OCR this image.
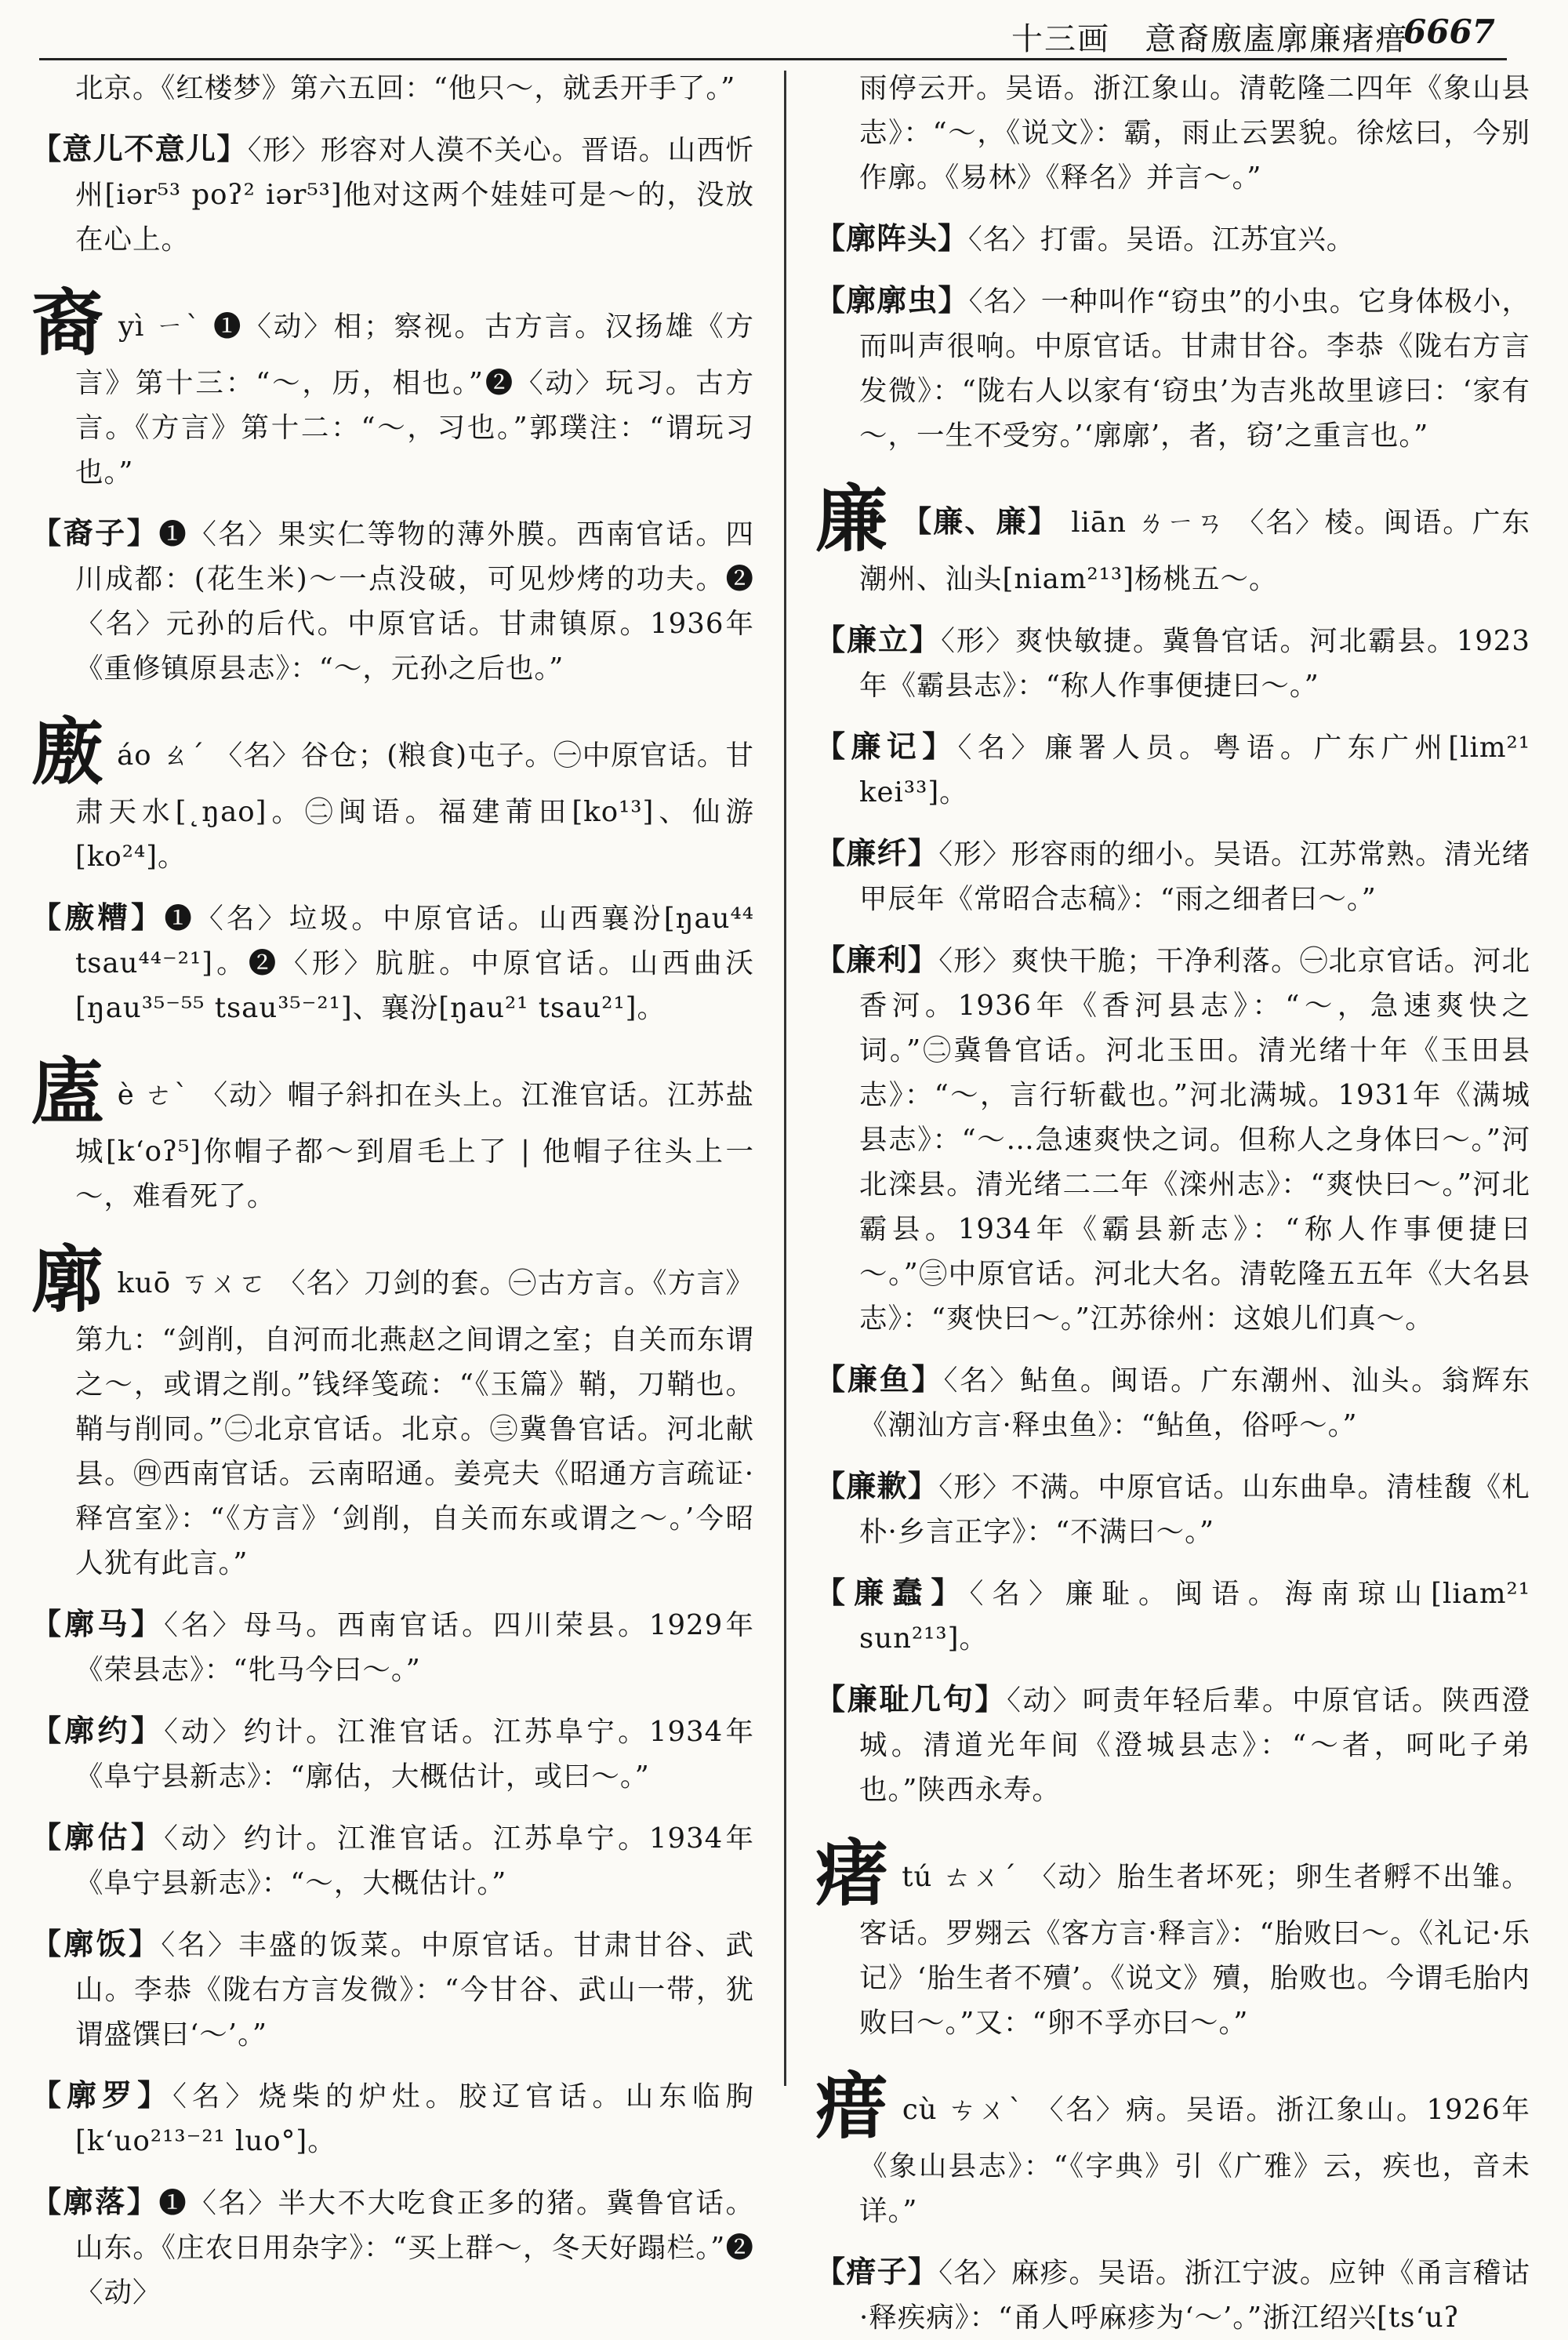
十三画 意裔廒廅廓廉瘏瘄
6667

北京。《红楼梦》第六五回：“他只～，就丢开手了。”

【意儿不意儿】〈形〉形容对人漠不关心。晋语。山西忻州[iər⁵³ poʔ² iər⁵³]他对这两个娃娃可是～的，没放在心上。

裔yì ㄧˋ ❶〈动〉相；察视。古方言。汉扬雄《方言》第十三：“～，历，相也。”❷〈动〉玩习。古方言。《方言》第十二：“～，习也。”郭璞注：“谓玩习也。”

【裔子】❶〈名〉果实仁等物的薄外膜。西南官话。四川成都：(花生米)～一点没破，可见炒烤的功夫。❷〈名〉元孙的后代。中原官话。甘肃镇原。1936年《重修镇原县志》：“～，元孙之后也。”

廒áo ㄠˊ 〈名〉谷仓；(粮食)屯子。㊀中原官话。甘肃天水[˛ŋao]。㊁闽语。福建莆田[ko¹³]、仙游[ko²⁴]。

【廒糟】❶〈名〉垃圾。中原官话。山西襄汾[ŋau⁴⁴ tsau⁴⁴⁻²¹]。❷〈形〉肮脏。中原官话。山西曲沃[ŋau³⁵⁻⁵⁵ tsau³⁵⁻²¹]、襄汾[ŋau²¹ tsau²¹]。

廅è ㄜˋ 〈动〉帽子斜扣在头上。江淮官话。江苏盐城[k‘oʔ⁵]你帽子都～到眉毛上了 | 他帽子往头上一～，难看死了。

廓kuō ㄎㄨㄛ 〈名〉刀剑的套。㊀古方言。《方言》第九：“剑削，自河而北燕赵之间谓之室；自关而东谓之～，或谓之削。”钱绎笺疏：“《玉篇》鞘，刀鞘也。鞘与削同。”㊁北京官话。北京。㊂冀鲁官话。河北献县。㊃西南官话。云南昭通。姜亮夫《昭通方言疏证·释宫室》：“《方言》‘剑削，自关而东或谓之～。’今昭人犹有此言。”

【廓马】〈名〉母马。西南官话。四川荣县。1929年《荣县志》：“牝马今曰～。”

【廓约】〈动〉约计。江淮官话。江苏阜宁。1934年《阜宁县新志》：“廓估，大概估计，或曰～。”

【廓估】〈动〉约计。江淮官话。江苏阜宁。1934年《阜宁县新志》：“～，大概估计。”

【廓饭】〈名〉丰盛的饭菜。中原官话。甘肃甘谷、武山。李恭《陇右方言发微》：“今甘谷、武山一带，犹谓盛馔曰‘～’。”

【廓罗】〈名〉烧柴的炉灶。胶辽官话。山东临朐[k‘uo²¹³⁻²¹ luo°]。

【廓落】❶〈名〉半大不大吃食正多的猪。冀鲁官话。山东。《庄农日用杂字》：“买上群～，冬天好蹋栏。”❷〈动〉

雨停云开。吴语。浙江象山。清乾隆二四年《象山县志》：“～，《说文》：霸，雨止云罢貌。徐炫曰，今别作廓。《易林》《释名》并言～。”

【廓阵头】〈名〉打雷。吴语。江苏宜兴。

【廓廓虫】〈名〉一种叫作“窃虫”的小虫。它身体极小，而叫声很响。中原官话。甘肃甘谷。李恭《陇右方言发微》：“陇右人以家有‘窃虫’为吉兆故里谚曰：‘家有～，一生不受穷。’‘廓廓’，者，窃’之重言也。”

廉 【廉、廉】 liān ㄌㄧㄢ 〈名〉棱。闽语。广东潮州、汕头[niam²¹³]杨桃五～。

【廉立】〈形〉爽快敏捷。冀鲁官话。河北霸县。1923年《霸县志》：“称人作事便捷曰～。”

【廉记】〈名〉廉署人员。粤语。广东广州[lim²¹ kei³³]。

【廉纤】〈形〉形容雨的细小。吴语。江苏常熟。清光绪甲辰年《常昭合志稿》：“雨之细者曰～。”

【廉利】〈形〉爽快干脆；干净利落。㊀北京官话。河北香河。1936年《香河县志》：“～，急速爽快之词。”㊁冀鲁官话。河北玉田。清光绪十年《玉田县志》：“～，言行斩截也。”河北满城。1931年《满城县志》：“～…急速爽快之词。但称人之身体曰～。”河北滦县。清光绪二二年《滦州志》：“爽快曰～。”河北霸县。1934年《霸县新志》：“称人作事便捷曰～。”㊂中原官话。河北大名。清乾隆五五年《大名县志》：“爽快曰～。”江苏徐州：这娘儿们真～。

【廉鱼】〈名〉鲇鱼。闽语。广东潮州、汕头。翁辉东《潮汕方言·释虫鱼》：“鲇鱼，俗呼～。”

【廉歉】〈形〉不满。中原官话。山东曲阜。清桂馥《札朴·乡言正字》：“不满曰～。”

【廉蠢】〈名〉廉耻。闽语。海南琼山[liam²¹ sun²¹³]。

【廉耻几句】〈动〉呵责年轻后辈。中原官话。陕西澄城。清道光年间《澄城县志》：“～者，呵叱子弟也。”陕西永寿。

瘏tú ㄊㄨˊ 〈动〉胎生者坏死；卵生者孵不出雏。客话。罗翙云《客方言·释言》：“胎败曰～。《礼记·乐记》‘胎生者不殰’。《说文》殰，胎败也。今谓毛胎内败曰～。”又：“卵不孚亦曰～。”

瘄cù ㄘㄨˋ 〈名〉病。吴语。浙江象山。1926年《象山县志》：“《字典》引《广雅》云，疾也，音未详。”

【瘄子】〈名〉麻疹。吴语。浙江宁波。应钟《甬言稽诂·释疾病》：“甬人呼麻疹为‘～’。”浙江绍兴[ts‘uʔ
